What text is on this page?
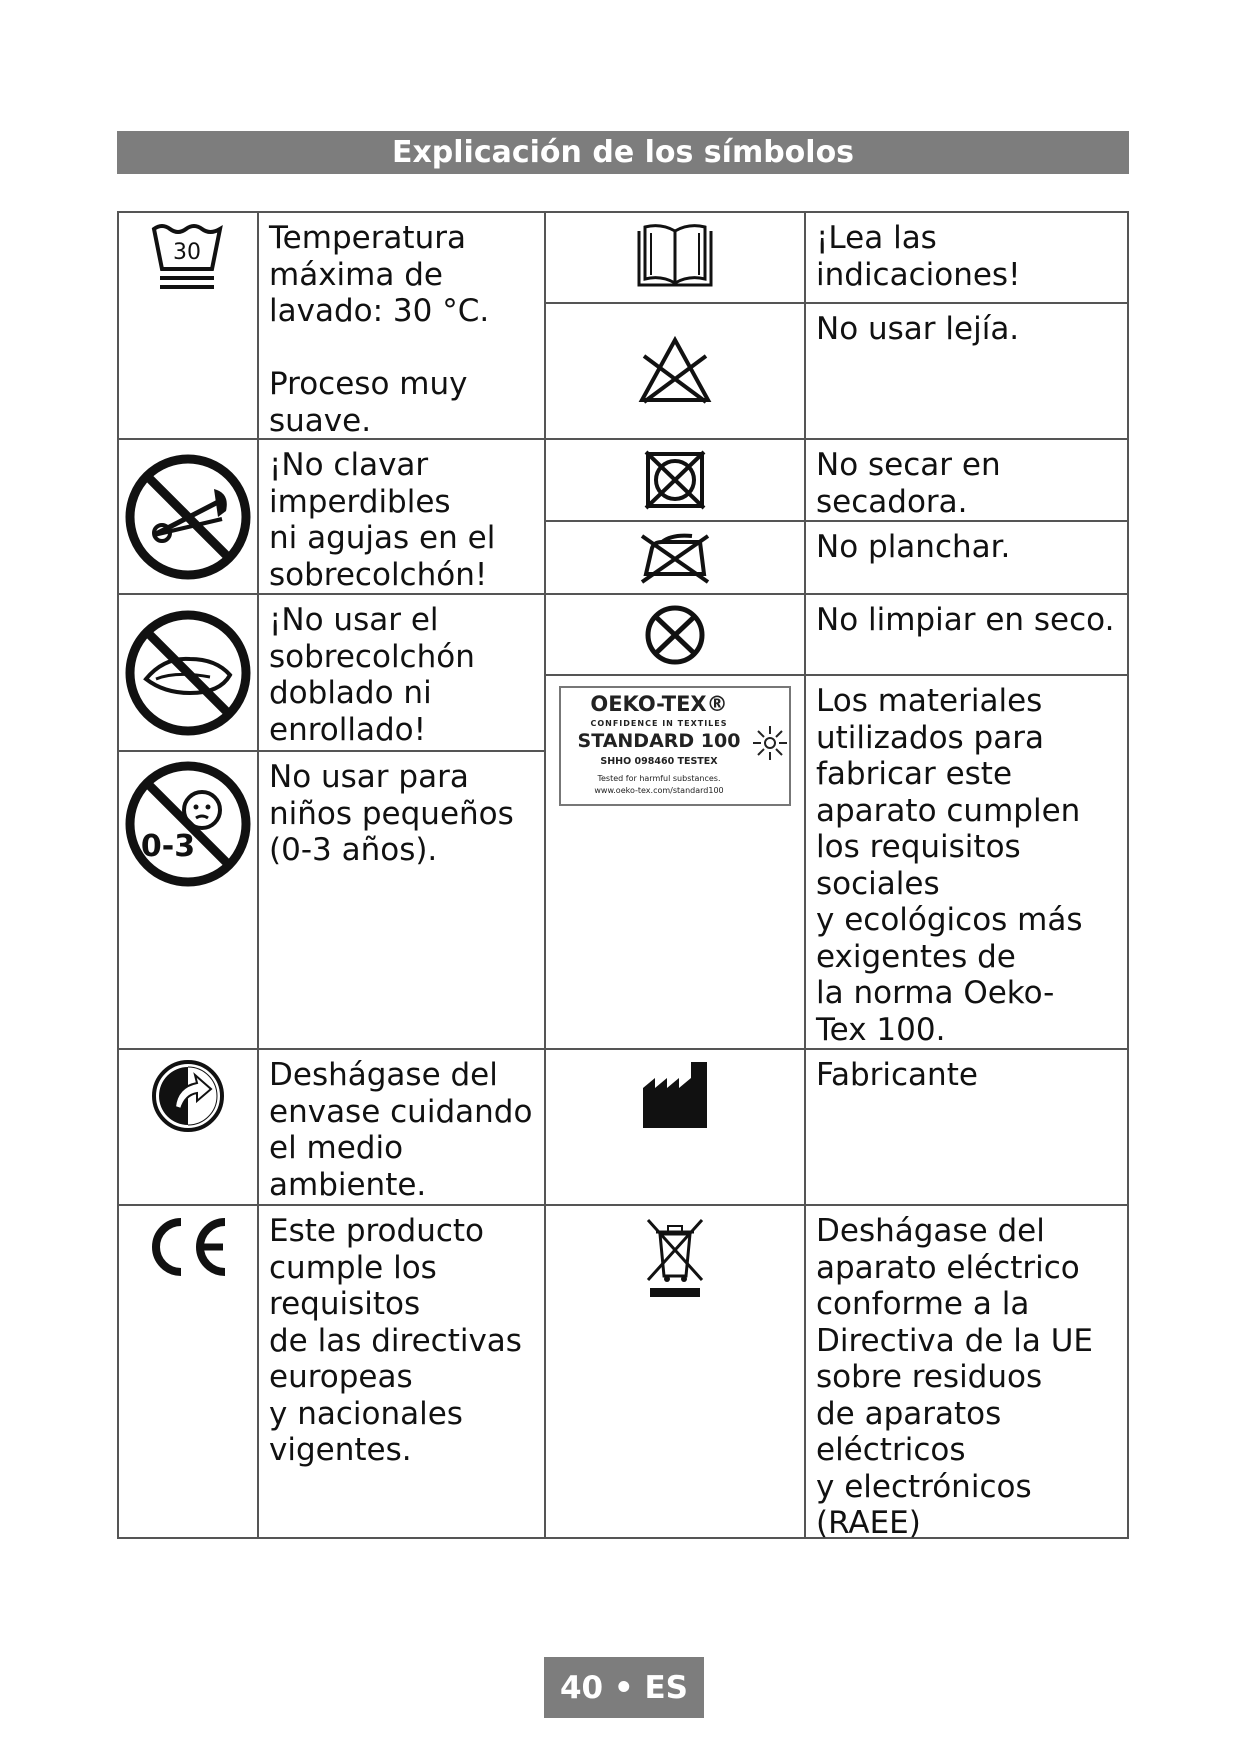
Explicación de los símbolos
30	Temperatura
máxima de
lavado: 30 °C.

Proceso muy
suave.
¡No clavar
imperdibles
ni agujas en el
sobrecolchón!
¡No usar el
sobrecolchón
doblado ni
enrollado!
0-3
No usar para
niños pequeños
(0-3 años).
Deshágase del
envase cuidando
el medio
ambiente.
Este producto
cumple los
requisitos
de las directivas
europeas
y nacionales
vigentes.
¡Lea las
indicaciones!
No usar lejía.
No secar en
secadora.
No planchar.
No limpiar en seco.
OEKO-TEX®
CONFIDENCE IN TEXTILES
STANDARD 100
SHHO 098460 TESTEX
Tested for harmful substances.
www.oeko-tex.com/standard100
Los materiales
utilizados para
fabricar este
aparato cumplen
los requisitos
sociales
y ecológicos más
exigentes de
la norma Oeko-
Tex 100.
Fabricante
Deshágase del
aparato eléctrico
conforme a la
Directiva de la UE
sobre residuos
de aparatos
eléctricos
y electrónicos
(RAEE)
40 • ES
